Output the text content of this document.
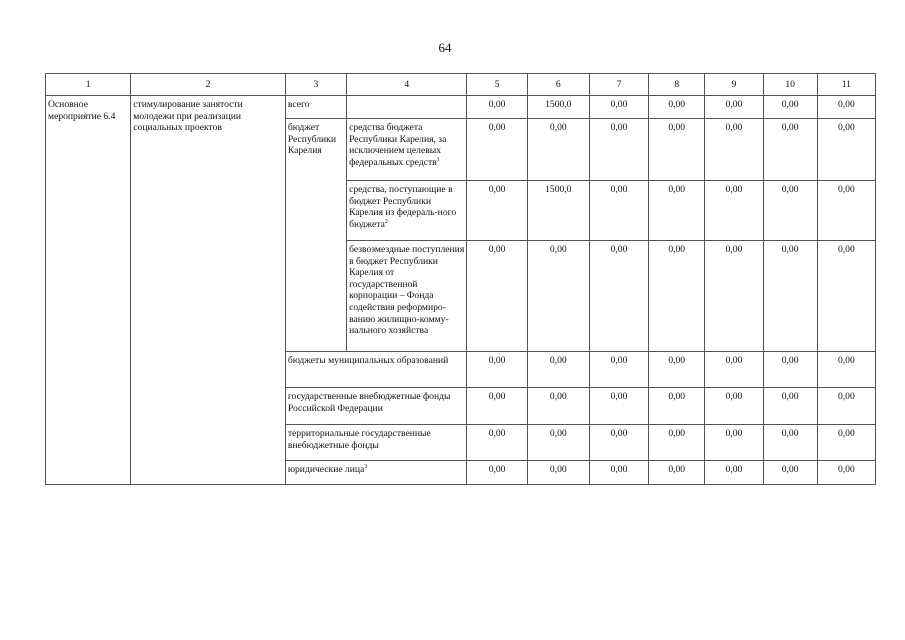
64
1	2	3	4	5	6	7	8	9	10	11
Основное мероприятие 6.4	стимулирование занятости молодежи при реализации социальных проектов	всего		0,00	1500,0	0,00	0,00	0,00	0,00	0,00
		бюджет Республики Карелия	средства бюджета Республики Карелия, за исключением целевых федеральных средств$^1$	0,00	0,00	0,00	0,00	0,00	0,00	0,00
			средства, поступающие в бюджет Республики Карелия из федераль-ного бюджета$^2$	0,00	1500,0	0,00	0,00	0,00	0,00	0,00
			безвозмездные поступления в бюджет Республики Карелия от государственной корпорации – Фонда содействия реформиро-ванию жилищно-комму-нального хозяйства	0,00	0,00	0,00	0,00	0,00	0,00	0,00
		бюджеты муниципальных образований		0,00	0,00	0,00	0,00	0,00	0,00	0,00
		государственные внебюджетные фонды Российской Федерации		0,00	0,00	0,00	0,00	0,00	0,00	0,00
		территориальные государственные внебюджетные фонды		0,00	0,00	0,00	0,00	0,00	0,00	0,00
		юридические лица$^3$		0,00	0,00	0,00	0,00	0,00	0,00	0,00
